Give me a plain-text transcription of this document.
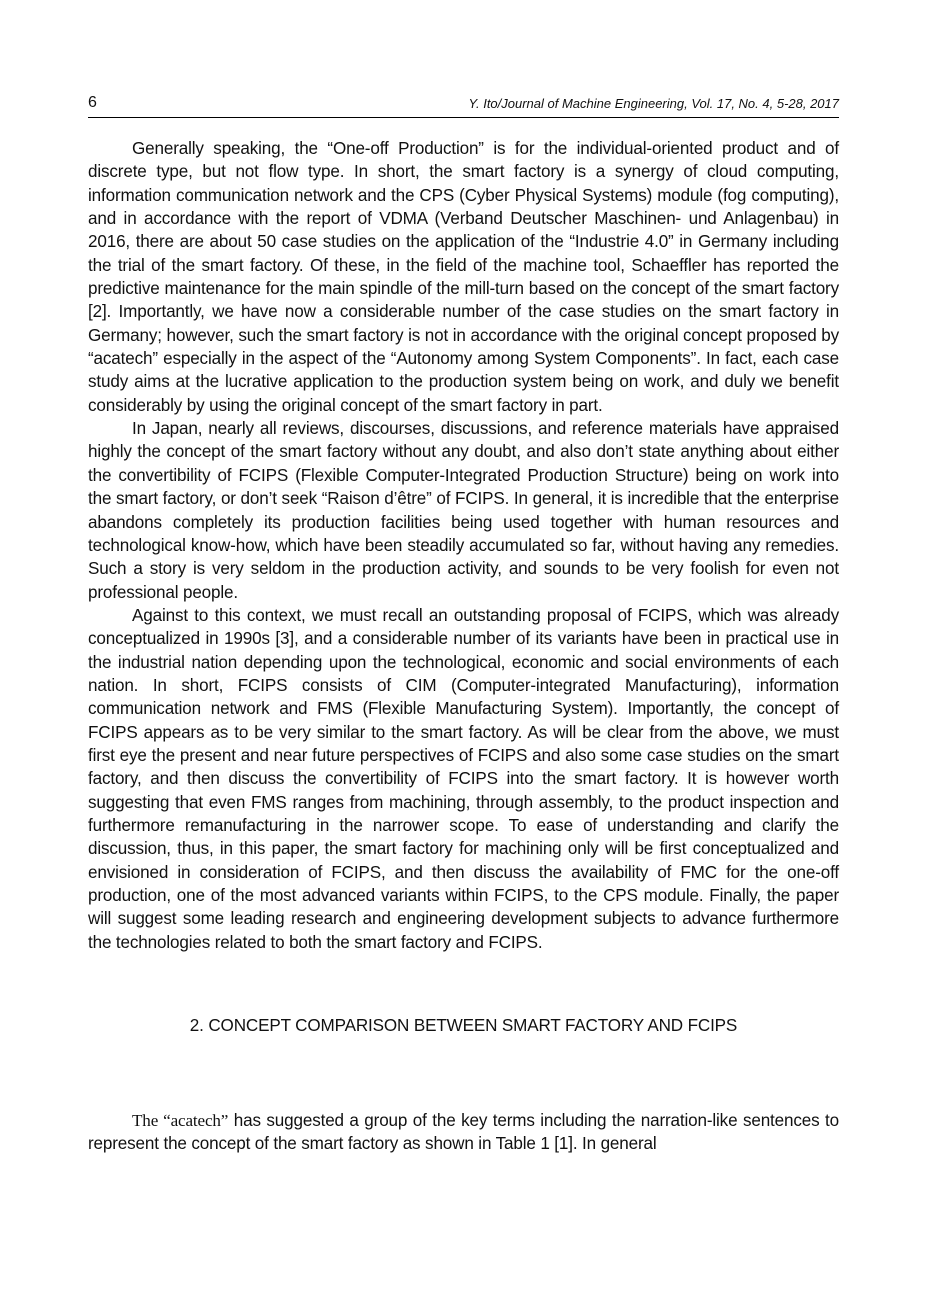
6	Y. Ito/Journal of Machine Engineering, Vol. 17, No. 4, 5-28, 2017

Generally speaking, the “One-off Production” is for the individual-oriented product and of discrete type, but not flow type. In short, the smart factory is a synergy of cloud computing, information communication network and the CPS (Cyber Physical Systems) module (fog computing), and in accordance with the report of VDMA (Verband Deutscher Maschinen- und Anlagenbau) in 2016, there are about 50 case studies on the application of the “Industrie 4.0” in Germany including the trial of the smart factory. Of these, in the field of the machine tool, Schaeffler has reported the predictive maintenance for the main spindle of the mill-turn based on the concept of the smart factory [2]. Importantly, we have now a considerable number of the case studies on the smart factory in Germany; however, such the smart factory is not in accordance with the original concept proposed by “acatech” especially in the aspect of the “Autonomy among System Components”. In fact, each case study aims at the lucrative application to the production system being on work, and duly we benefit considerably by using the original concept of the smart factory in part.

In Japan, nearly all reviews, discourses, discussions, and reference materials have appraised highly the concept of the smart factory without any doubt, and also don’t state anything about either the convertibility of FCIPS (Flexible Computer-Integrated Production Structure) being on work into the smart factory, or don’t seek “Raison d’être” of FCIPS. In general, it is incredible that the enterprise abandons completely its production facilities being used together with human resources and technological know-how, which have been steadily accumulated so far, without having any remedies. Such a story is very seldom in the production activity, and sounds to be very foolish for even not professional people.

Against to this context, we must recall an outstanding proposal of FCIPS, which was already conceptualized in 1990s [3], and a considerable number of its variants have been in practical use in the industrial nation depending upon the technological, economic and social environments of each nation. In short, FCIPS consists of CIM (Computer-integrated Manufacturing), information communication network and FMS (Flexible Manufacturing System). Importantly, the concept of FCIPS appears as to be very similar to the smart factory. As will be clear from the above, we must first eye the present and near future perspectives of FCIPS and also some case studies on the smart factory, and then discuss the convertibility of FCIPS into the smart factory. It is however worth suggesting that even FMS ranges from machining, through assembly, to the product inspection and furthermore remanufacturing in the narrower scope. To ease of understanding and clarify the discussion, thus, in this paper, the smart factory for machining only will be first conceptualized and envisioned in consideration of FCIPS, and then discuss the availability of FMC for the one-off production, one of the most advanced variants within FCIPS, to the CPS module. Finally, the paper will suggest some leading research and engineering development subjects to advance furthermore the technologies related to both the smart factory and FCIPS.

2. CONCEPT COMPARISON BETWEEN SMART FACTORY AND FCIPS

The “acatech” has suggested a group of the key terms including the narration-like sentences to represent the concept of the smart factory as shown in Table 1 [1]. In general
